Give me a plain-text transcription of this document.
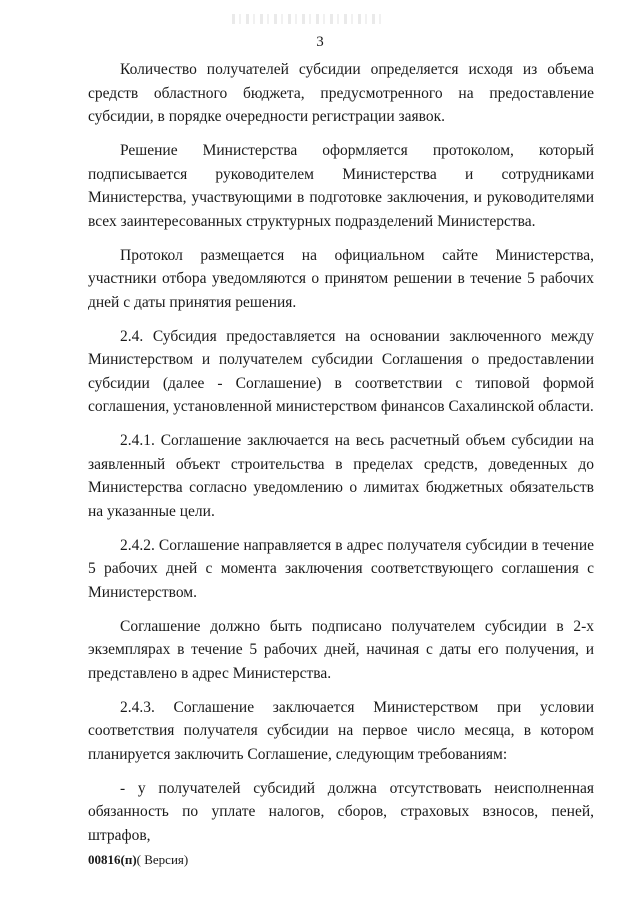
3

Количество получателей субсидии определяется исходя из объема средств областного бюджета, предусмотренного на предоставление субсидии, в порядке очередности регистрации заявок.

Решение Министерства оформляется протоколом, который подписывается руководителем Министерства и сотрудниками Министерства, участвующими в подготовке заключения, и руководителями всех заинтересованных структурных подразделений Министерства.

Протокол размещается на официальном сайте Министерства, участники отбора уведомляются о принятом решении в течение 5 рабочих дней с даты принятия решения.

2.4. Субсидия предоставляется на основании заключенного между Министерством и получателем субсидии Соглашения о предоставлении субсидии (далее - Соглашение) в соответствии с типовой формой соглашения, установленной министерством финансов Сахалинской области.

2.4.1. Соглашение заключается на весь расчетный объем субсидии на заявленный объект строительства в пределах средств, доведенных до Министерства согласно уведомлению о лимитах бюджетных обязательств на указанные цели.

2.4.2. Соглашение направляется в адрес получателя субсидии в течение 5 рабочих дней с момента заключения соответствующего соглашения с Министерством.

Соглашение должно быть подписано получателем субсидии в 2-х экземплярах в течение 5 рабочих дней, начиная с даты его получения, и представлено в адрес Министерства.

2.4.3. Соглашение заключается Министерством при условии соответствия получателя субсидии на первое число месяца, в котором планируется заключить Соглашение, следующим требованиям:

- у получателей субсидий должна отсутствовать неисполненная обязанность по уплате налогов, сборов, страховых взносов, пеней, штрафов,

00816(п)( Версия)
